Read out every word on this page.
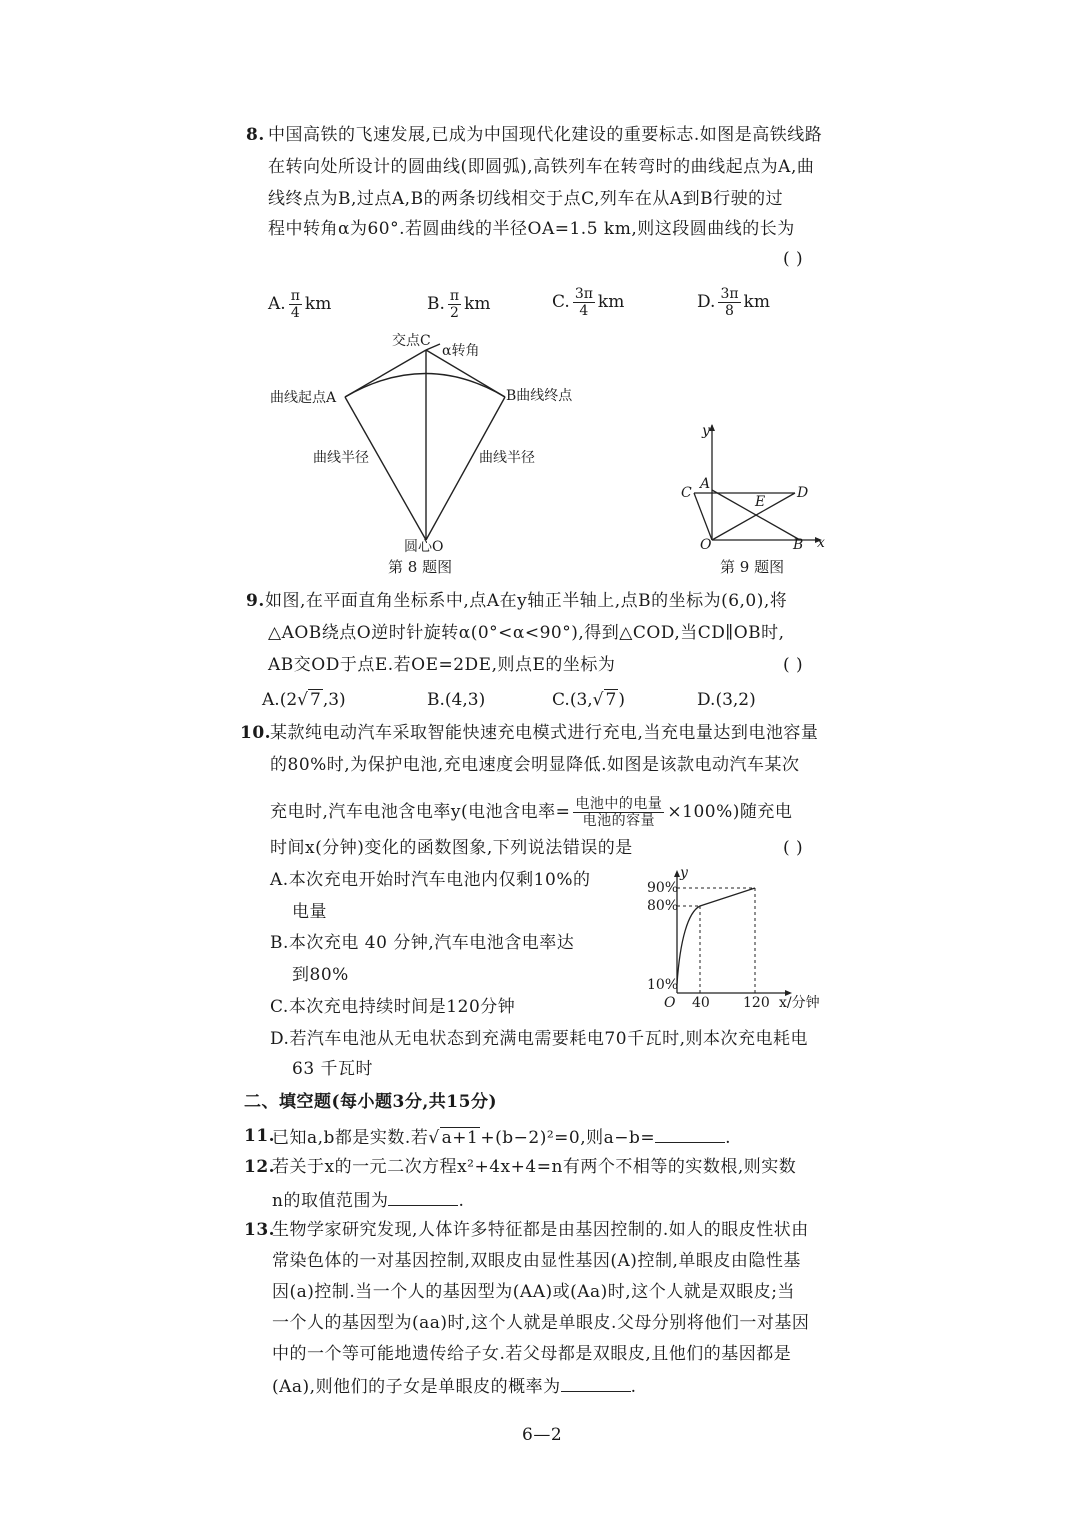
8. 中国高铁的飞速发展,已成为中国现代化建设的重要标志.如图是高铁线路
在转向处所设计的圆曲线(即圆弧),高铁列车在转弯时的曲线起点为A,曲
线终点为B,过点A,B的两条切线相交于点C,列车在从A到B行驶的过
程中转角α为60°.若圆曲线的半径OA=1.5 km,则这段圆曲线的长为
( )
A. $\frac{\pi}{4}$ km	B. $\frac{\pi}{2}$ km	C. $\frac{3\pi}{4}$ km	D. $\frac{3\pi}{8}$ km
交点C
α转角
曲线起点A	B曲线终点
曲线半径	曲线半径
圆心O
第 8 题图
y
x
A
C	D
E
O	B
第 9 题图
9. 如图,在平面直角坐标系中,点A在y轴正半轴上,点B的坐标为(6,0),将
△AOB绕点O逆时针旋转α(0°<α<90°),得到△COD,当CD∥OB时,
AB交OD于点E.若OE=2DE,则点E的坐标为	( )
A.(2√ 7 ,3)	B.(4,3)	C.(3,√ 7 )	D.(3,2)
10.
某款纯电动汽车采取智能快速充电模式进行充电,当充电量达到电池容量
的80%时,为保护电池,充电速度会明显降低.如图是该款电动汽车某次
充电时,汽车电池含电率y(电池含电率= $\frac{\text{电池中的电量}}{\text{电池的容量}} \times 100\%$)随充电
时间x(分钟)变化的函数图象,下列说法错误的是	( )
A.本次充电开始时汽车电池内仅剩10%的
电量
B.本次充电 40 分钟,汽车电池含电率达
到80%
C.本次充电持续时间是120分钟
D.若汽车电池从无电状态到充满电需要耗电70千瓦时,则本次充电耗电
63 千瓦时
y
90%
80%
10%
O 40 120 x/分钟
二、填空题(每小题3分,共15分)
11.
已知a,b都是实数.若√ a+1 +(b−2)²=0,则a−b=	.
12.
若关于x的一元二次方程x²+4x+4=n有两个不相等的实数根,则实数
n的取值范围为	.
13.
生物学家研究发现,人体许多特征都是由基因控制的.如人的眼皮性状由
常染色体的一对基因控制,双眼皮由显性基因(A)控制,单眼皮由隐性基
因(a)控制.当一个人的基因型为(AA)或(Aa)时,这个人就是双眼皮;当
一个人的基因型为(aa)时,这个人就是单眼皮.父母分别将他们一对基因
中的一个等可能地遗传给子女.若父母都是双眼皮,且他们的基因都是
(Aa),则他们的子女是单眼皮的概率为	.
6—2
